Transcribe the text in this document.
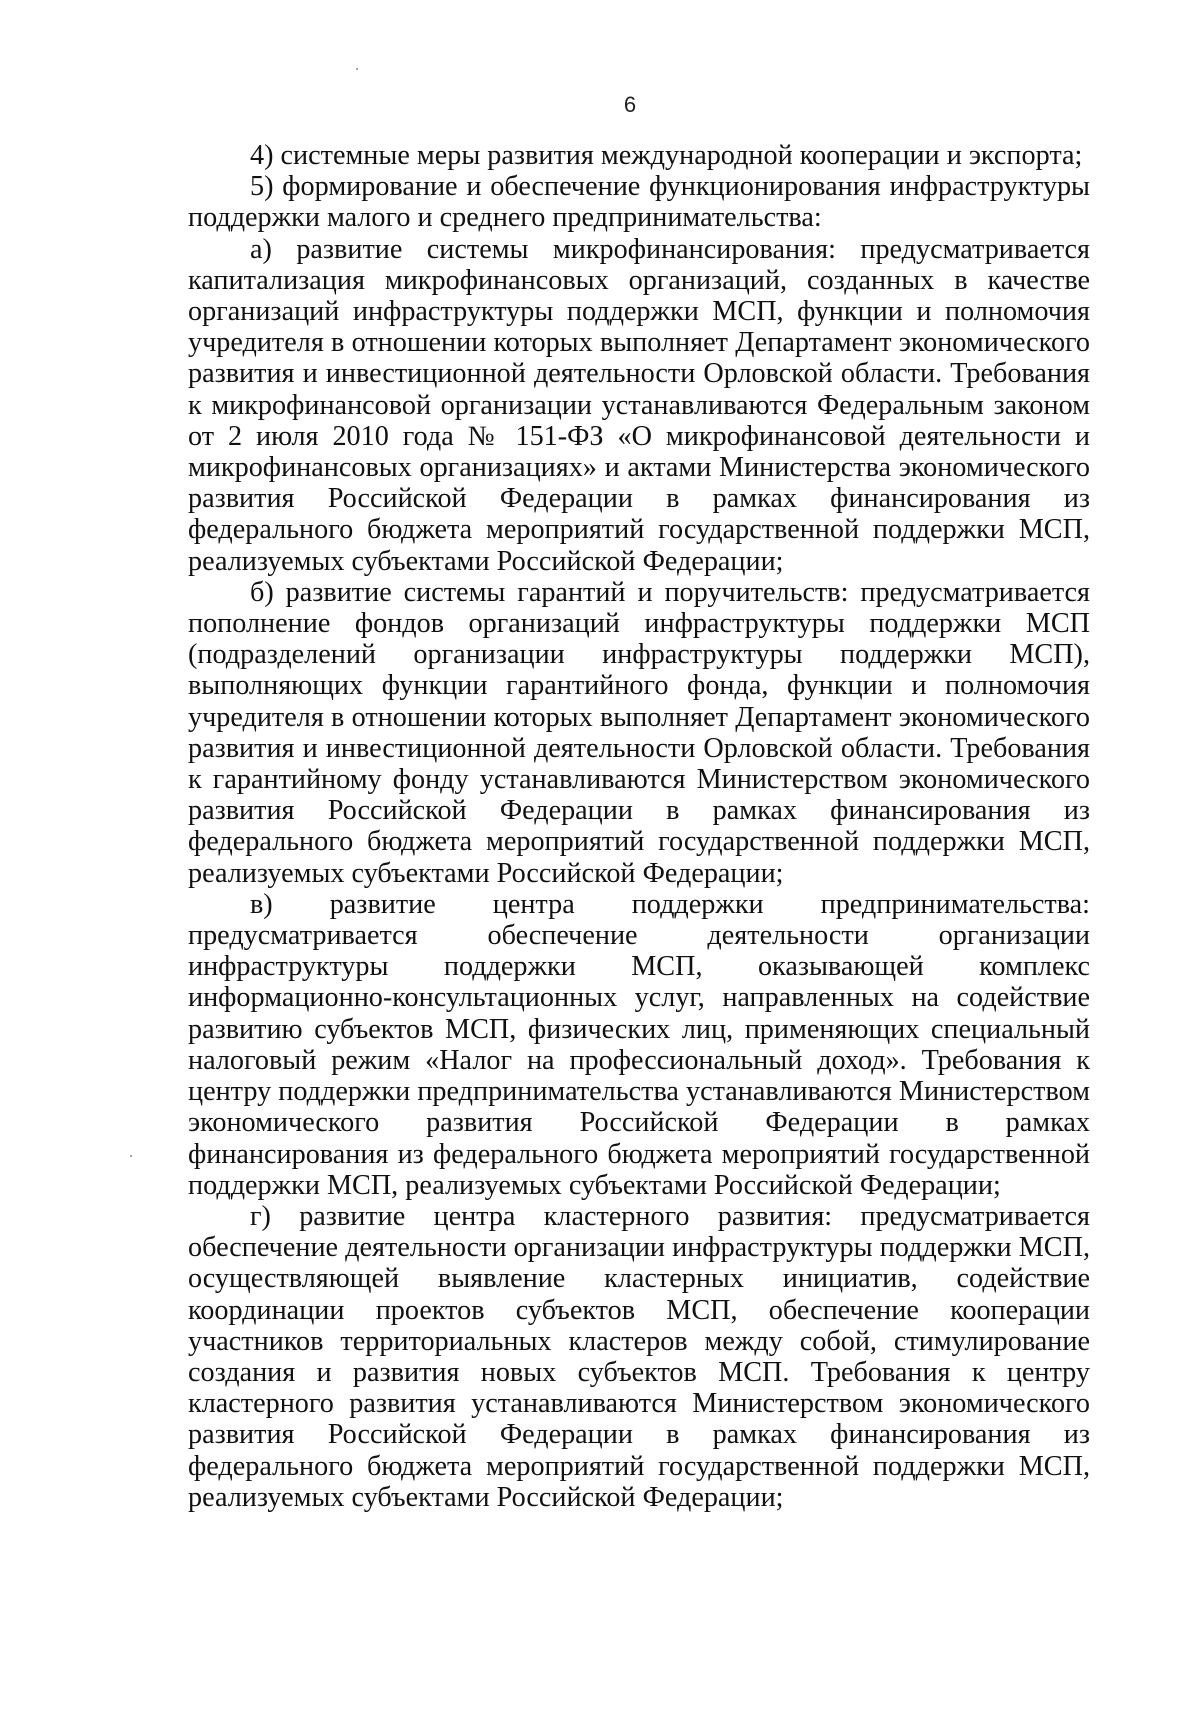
6

4) системные меры развития международной кооперации и экспорта;

5) формирование и обеспечение функционирования инфраструктуры поддержки малого и среднего предпринимательства:

а) развитие системы микрофинансирования: предусматривается капитализация микрофинансовых организаций, созданных в качестве организаций инфраструктуры поддержки МСП, функции и полномочия учредителя в отношении которых выполняет Департамент экономического развития и инвестиционной деятельности Орловской области. Требования к микрофинансовой организации устанавливаются Федеральным законом от 2 июля 2010 года № 151-ФЗ «О микрофинансовой деятельности и микрофинансовых организациях» и актами Министерства экономического развития Российской Федерации в рамках финансирования из федерального бюджета мероприятий государственной поддержки МСП, реализуемых субъектами Российской Федерации;

б) развитие системы гарантий и поручительств: предусматривается пополнение фондов организаций инфраструктуры поддержки МСП (подразделений организации инфраструктуры поддержки МСП), выполняющих функции гарантийного фонда, функции и полномочия учредителя в отношении которых выполняет Департамент экономического развития и инвестиционной деятельности Орловской области. Требования к гарантийному фонду устанавливаются Министерством экономического развития Российской Федерации в рамках финансирования из федерального бюджета мероприятий государственной поддержки МСП, реализуемых субъектами Российской Федерации;

в) развитие центра поддержки предпринимательства: предусматривается обеспечение деятельности организации инфраструктуры поддержки МСП, оказывающей комплекс информационно-консультационных услуг, направленных на содействие развитию субъектов МСП, физических лиц, применяющих специальный налоговый режим «Налог на профессиональный доход». Требования к центру поддержки предпринимательства устанавливаются Министерством экономического развития Российской Федерации в рамках финансирования из федерального бюджета мероприятий государственной поддержки МСП, реализуемых субъектами Российской Федерации;

г) развитие центра кластерного развития: предусматривается обеспечение деятельности организации инфраструктуры поддержки МСП, осуществляющей выявление кластерных инициатив, содействие координации проектов субъектов МСП, обеспечение кооперации участников территориальных кластеров между собой, стимулирование создания и развития новых субъектов МСП. Требования к центру кластерного развития устанавливаются Министерством экономического развития Российской Федерации в рамках финансирования из федерального бюджета мероприятий государственной поддержки МСП, реализуемых субъектами Российской Федерации;
